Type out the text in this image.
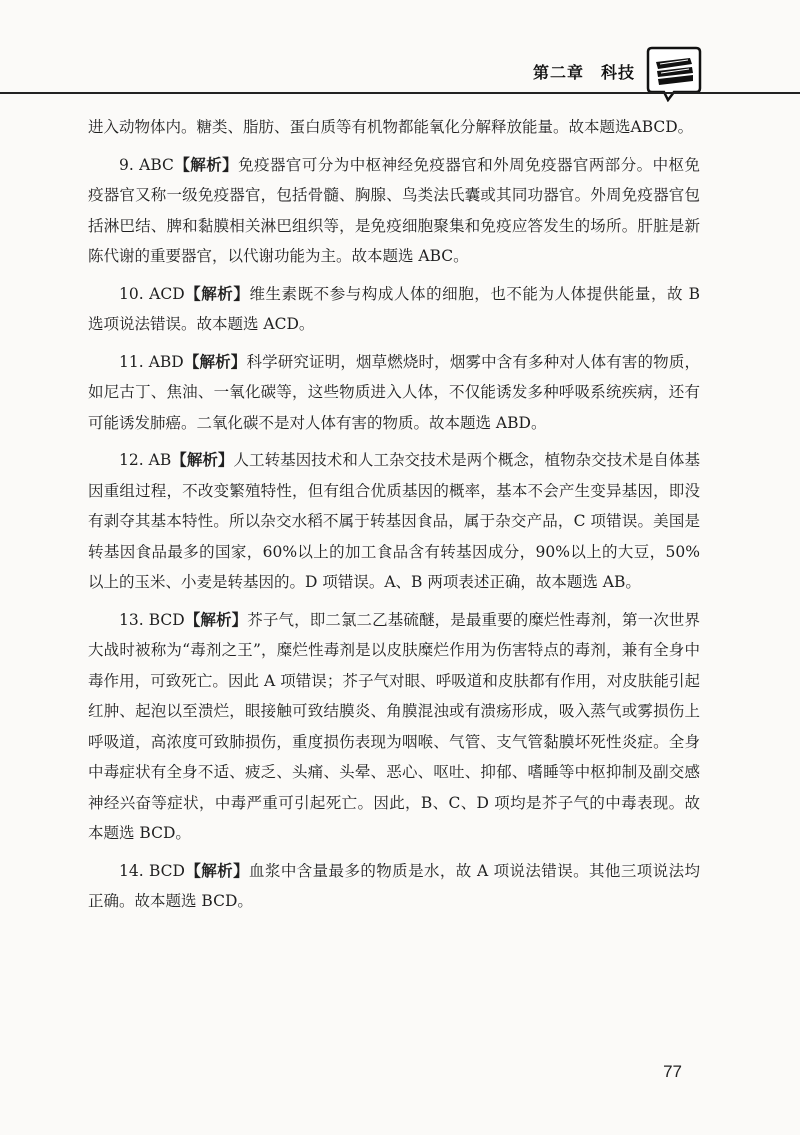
第二章　科技

进入动物体内。糖类、脂肪、蛋白质等有机物都能氧化分解释放能量。故本题选ABCD。

9. ABC【解析】免疫器官可分为中枢神经免疫器官和外周免疫器官两部分。中枢免疫器官又称一级免疫器官，包括骨髓、胸腺、鸟类法氏囊或其同功器官。外周免疫器官包括淋巴结、脾和黏膜相关淋巴组织等，是免疫细胞聚集和免疫应答发生的场所。肝脏是新陈代谢的重要器官，以代谢功能为主。故本题选 ABC。

10. ACD【解析】维生素既不参与构成人体的细胞，也不能为人体提供能量，故 B 选项说法错误。故本题选 ACD。

11. ABD【解析】科学研究证明，烟草燃烧时，烟雾中含有多种对人体有害的物质，如尼古丁、焦油、一氧化碳等，这些物质进入人体，不仅能诱发多种呼吸系统疾病，还有可能诱发肺癌。二氧化碳不是对人体有害的物质。故本题选 ABD。

12. AB【解析】人工转基因技术和人工杂交技术是两个概念，植物杂交技术是自体基因重组过程，不改变繁殖特性，但有组合优质基因的概率，基本不会产生变异基因，即没有剥夺其基本特性。所以杂交水稻不属于转基因食品，属于杂交产品，C 项错误。美国是转基因食品最多的国家，60%以上的加工食品含有转基因成分，90%以上的大豆，50%以上的玉米、小麦是转基因的。D 项错误。A、B 两项表述正确，故本题选 AB。

13. BCD【解析】芥子气，即二氯二乙基硫醚，是最重要的糜烂性毒剂，第一次世界大战时被称为“毒剂之王”，糜烂性毒剂是以皮肤糜烂作用为伤害特点的毒剂，兼有全身中毒作用，可致死亡。因此 A 项错误；芥子气对眼、呼吸道和皮肤都有作用，对皮肤能引起红肿、起泡以至溃烂，眼接触可致结膜炎、角膜混浊或有溃疡形成，吸入蒸气或雾损伤上呼吸道，高浓度可致肺损伤，重度损伤表现为咽喉、气管、支气管黏膜坏死性炎症。全身中毒症状有全身不适、疲乏、头痛、头晕、恶心、呕吐、抑郁、嗜睡等中枢抑制及副交感神经兴奋等症状，中毒严重可引起死亡。因此，B、C、D 项均是芥子气的中毒表现。故本题选 BCD。

14. BCD【解析】血浆中含量最多的物质是水，故 A 项说法错误。其他三项说法均正确。故本题选 BCD。

77
